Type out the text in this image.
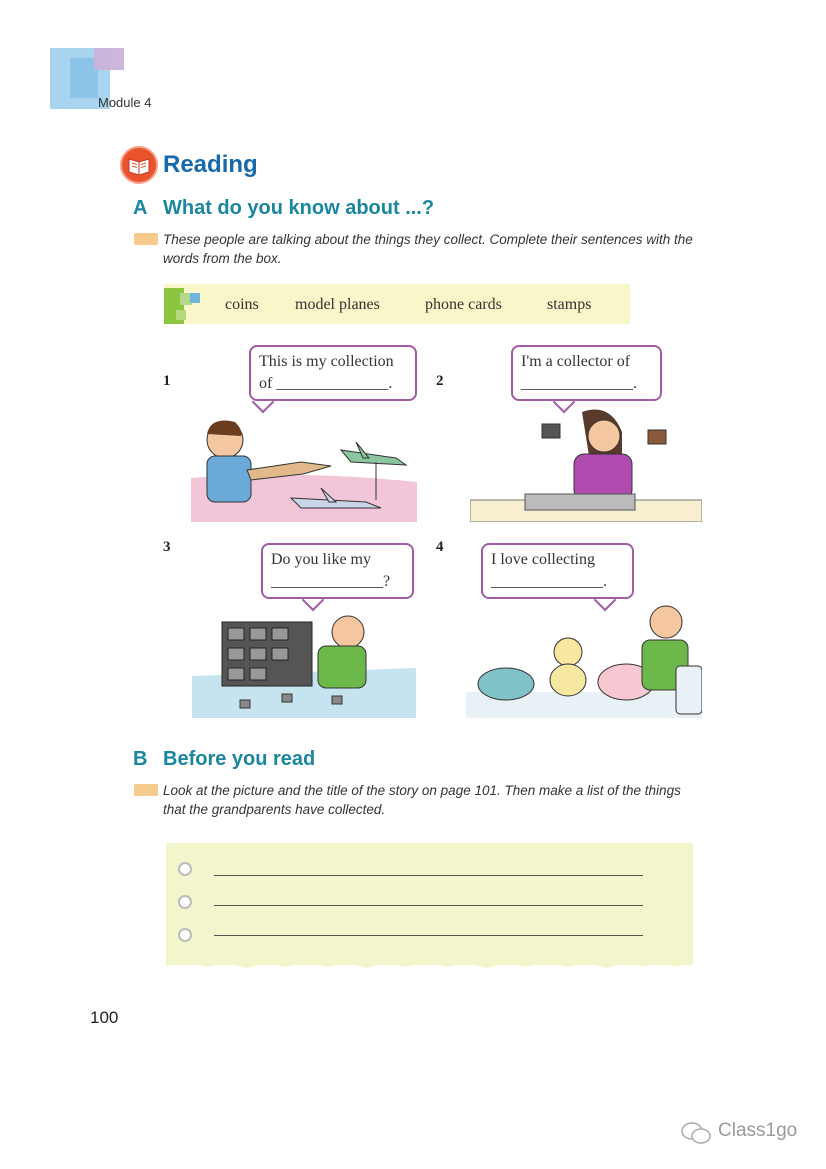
Module 4
Reading
A What do you know about ...?
These people are talking about the things they collect. Complete their sentences with the words from the box.
coins model planes	phone cards	stamps
1
This is my collection
of ______________.	2
I'm a collector of
______________.
3
Do you like my
______________?
4
I love collecting
______________.
B Before you read
Look at the picture and the title of the story on page 101. Then make a list of the things that the grandparents have collected.
100
Class1go
